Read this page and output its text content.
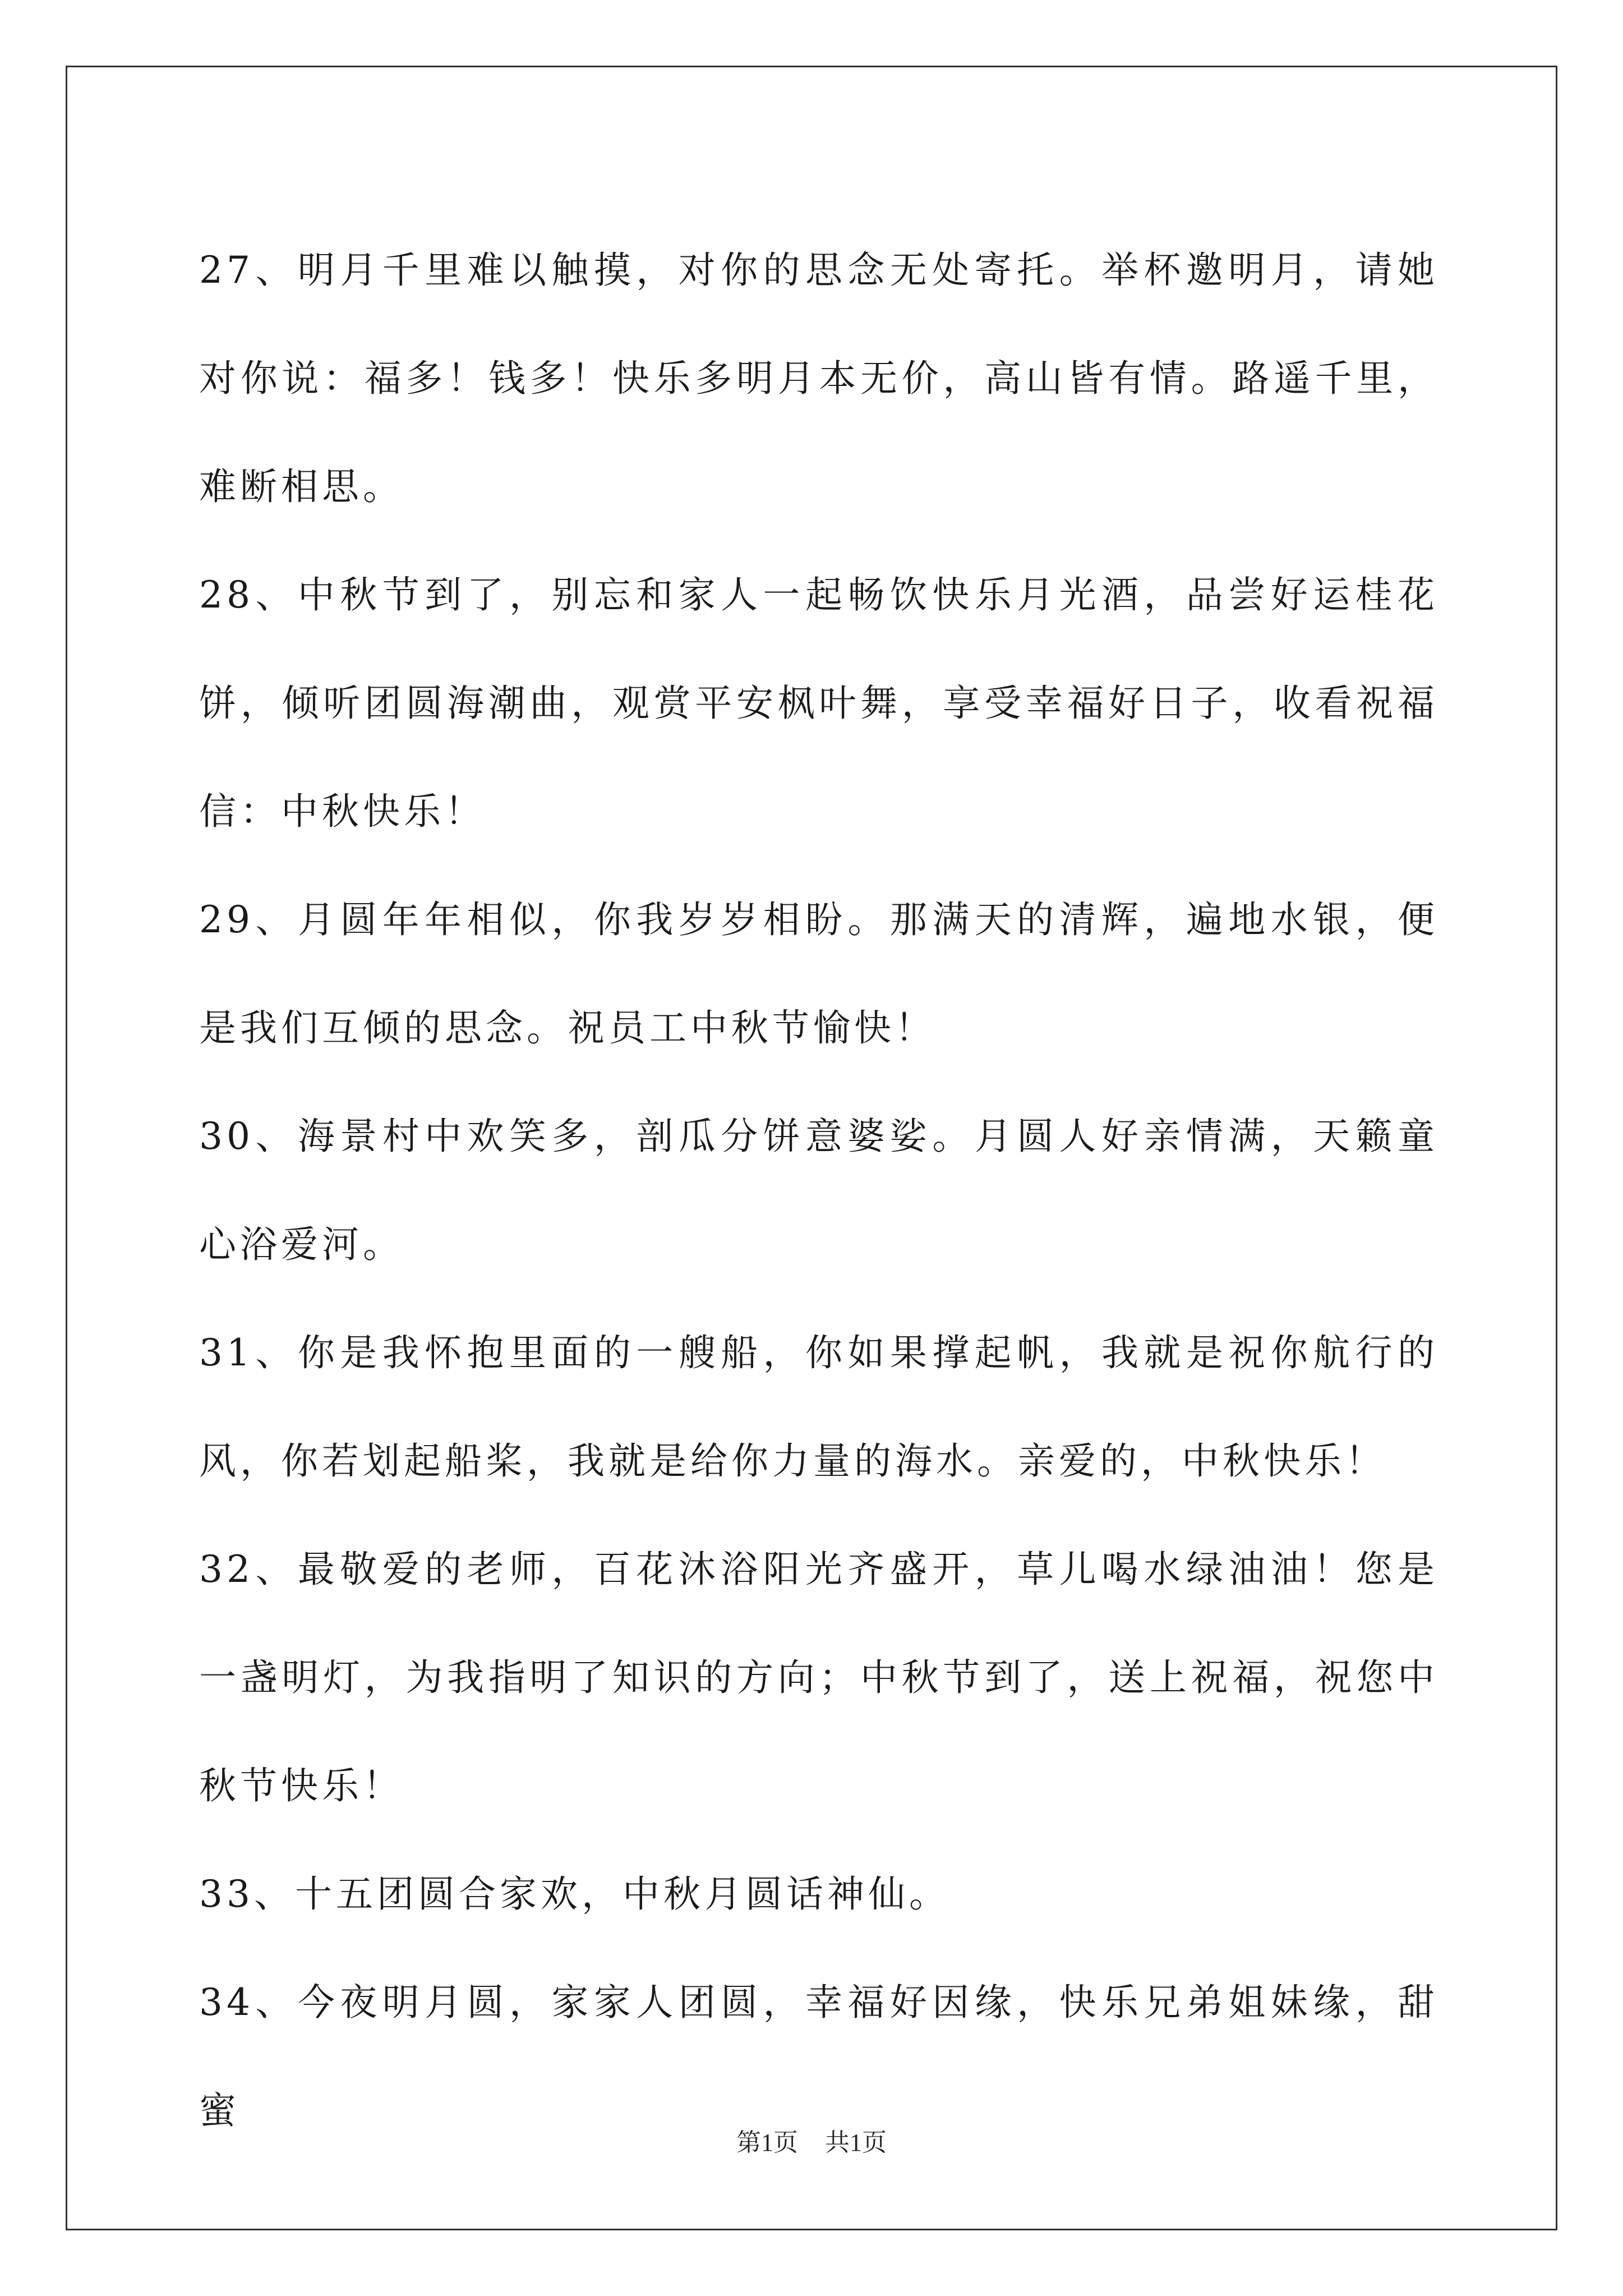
27、明月千里难以触摸，对你的思念无处寄托。举杯邀明月，请她对你说：福多！钱多！快乐多明月本无价，高山皆有情。路遥千里，难断相思。

28、中秋节到了，别忘和家人一起畅饮快乐月光酒，品尝好运桂花饼，倾听团圆海潮曲，观赏平安枫叶舞，享受幸福好日子，收看祝福信：中秋快乐！

29、月圆年年相似，你我岁岁相盼。那满天的清辉，遍地水银，便是我们互倾的思念。祝员工中秋节愉快！

30、海景村中欢笑多，剖瓜分饼意婆娑。月圆人好亲情满，天籁童心浴爱河。

31、你是我怀抱里面的一艘船，你如果撑起帆，我就是祝你航行的风，你若划起船桨，我就是给你力量的海水。亲爱的，中秋快乐！

32、最敬爱的老师，百花沐浴阳光齐盛开，草儿喝水绿油油！您是一盏明灯，为我指明了知识的方向；中秋节到了，送上祝福，祝您中秋节快乐！

33、十五团圆合家欢，中秋月圆话神仙。

34、今夜明月圆，家家人团圆，幸福好因缘，快乐兄弟姐妹缘，甜蜜

第1页 共1页
